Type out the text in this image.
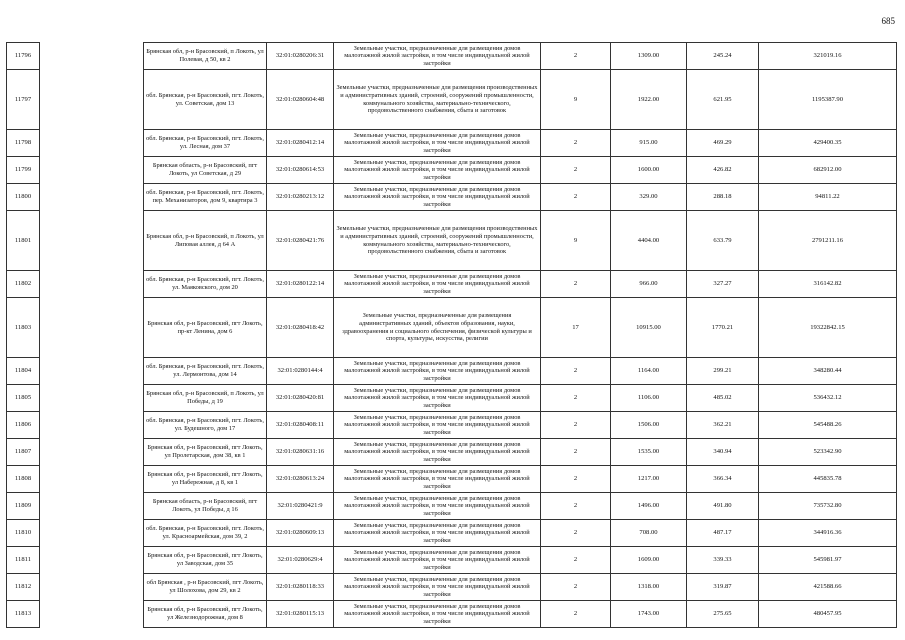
685
11796		Брянская обл, р-н Брасовский, п Локоть, ул Полевая, д 50, кв 2	32:01:0280206:31	Земельные участки, предназначенные для размещения домов малоэтажной жилой застройки, в том числе индивидуальной жилой застройки	2	1309.00	245.24	321019.16
11797		обл. Брянская, р-н Брасовский, пгт. Локоть, ул. Советская, дом 13	32:01:0280604:48	Земельные участки, предназначенные для размещения производственных и административных зданий, строений, сооружений промышленности, коммунального хозяйства, материально-технического, продовольственного снабжения, сбыта и заготовок	9	1922.00	621.95	1195387.90
11798		обл. Брянская, р-н Брасовский, пгт. Локоть, ул. Лесная, дом 37	32:01:0280412:14	Земельные участки, предназначенные для размещения домов малоэтажной жилой застройки, в том числе индивидуальной жилой застройки	2	915.00	469.29	429400.35
11799		Брянская область, р-н Брасовский, пгт Локоть, ул Советская, д 29	32:01:0280614:53	Земельные участки, предназначенные для размещения домов малоэтажной жилой застройки, в том числе индивидуальной жилой застройки	2	1600.00	426.82	682912.00
11800		обл. Брянская, р-н Брасовский, пгт. Локоть, пер. Механизаторов, дом 9, квартира 3	32:01:0280213:12	Земельные участки, предназначенные для размещения домов малоэтажной жилой застройки, в том числе индивидуальной жилой застройки	2	329.00	288.18	94811.22
11801		Брянская обл, р-н Брасовский, п Локоть, ул Липовая аллея, д 64 А	32:01:0280421:76	Земельные участки, предназначенные для размещения производственных и административных зданий, строений, сооружений промышленности, коммунального хозяйства, материально-технического, продовольственного снабжения, сбыта и заготовок	9	4404.00	633.79	2791211.16
11802		обл. Брянская, р-н Брасовский, пгт. Локоть, ул. Маяковского, дом 20	32:01:0280122:14	Земельные участки, предназначенные для размещения домов малоэтажной жилой застройки, в том числе индивидуальной жилой застройки	2	966.00	327.27	316142.82
11803		Брянская обл, р-н Брасовский, пгт Локоть, пр-кт Ленина, дом 6	32:01:0280418:42	Земельные участки, предназначенные для размещения административных зданий, объектов образования, науки, здравоохранения и социального обеспечения, физической культуры и спорта, культуры, искусства, религии	17	10915.00	1770.21	19322842.15
11804		обл. Брянская, р-н Брасовский, пгт. Локоть, ул. Лермонтова, дом 14	32:01:0280144:4	Земельные участки, предназначенные для размещения домов малоэтажной жилой застройки, в том числе индивидуальной жилой застройки	2	1164.00	299.21	348280.44
11805		Брянская обл, р-н Брасовский, п Локоть, ул Победы, д 19	32:01:0280420:81	Земельные участки, предназначенные для размещения домов малоэтажной жилой застройки, в том числе индивидуальной жилой застройки	2	1106.00	485.02	536432.12
11806		обл. Брянская, р-н Брасовский, пгт. Локоть, ул. Будешного, дом 17	32:01:0280408:11	Земельные участки, предназначенные для размещения домов малоэтажной жилой застройки, в том числе индивидуальной жилой застройки	2	1506.00	362.21	545488.26
11807		Брянская обл, р-н Брасовский, пгт Локоть, ул Пролетарская, дом 38, кв 1	32:01:0280631:16	Земельные участки, предназначенные для размещения домов малоэтажной жилой застройки, в том числе индивидуальной жилой застройки	2	1535.00	340.94	523342.90
11808		Брянская обл, р-н Брасовский, пгт Локоть, ул Набережная, д 8, кв 1	32:01:0280613:24	Земельные участки, предназначенные для размещения домов малоэтажной жилой застройки, в том числе индивидуальной жилой застройки	2	1217.00	366.34	445835.78
11809		Брянская область, р-н Брасовский, пгт Локоть, ул Победы, д 16	32:01:0280421:9	Земельные участки, предназначенные для размещения домов малоэтажной жилой застройки, в том числе индивидуальной жилой застройки	2	1496.00	491.80	735732.80
11810		обл. Брянская, р-н Брасовский, пгт. Локоть, ул. Красноармейская, дом 39, 2	32:01:0280609:13	Земельные участки, предназначенные для размещения домов малоэтажной жилой застройки, в том числе индивидуальной жилой застройки	2	708.00	487.17	344916.36
11811		Брянская обл, р-н Брасовский, пгт Локоть, ул Заводская, дом 35	32:01:0280629:4	Земельные участки, предназначенные для размещения домов малоэтажной жилой застройки, в том числе индивидуальной жилой застройки	2	1609.00	339.33	545981.97
11812		обл Брянская , р-н Брасовский, пгт Локоть, ул Шолохова, дом 29, кв 2	32:01:0280118:33	Земельные участки, предназначенные для размещения домов малоэтажной жилой застройки, в том числе индивидуальной жилой застройки	2	1318.00	319.87	421588.66
11813		Брянская обл, р-н Брасовский, пгт Локоть, ул Железнодорожная, дом 8	32:01:0280115:13	Земельные участки, предназначенные для размещения домов малоэтажной жилой застройки, в том числе индивидуальной жилой застройки	2	1743.00	275.65	480457.95
